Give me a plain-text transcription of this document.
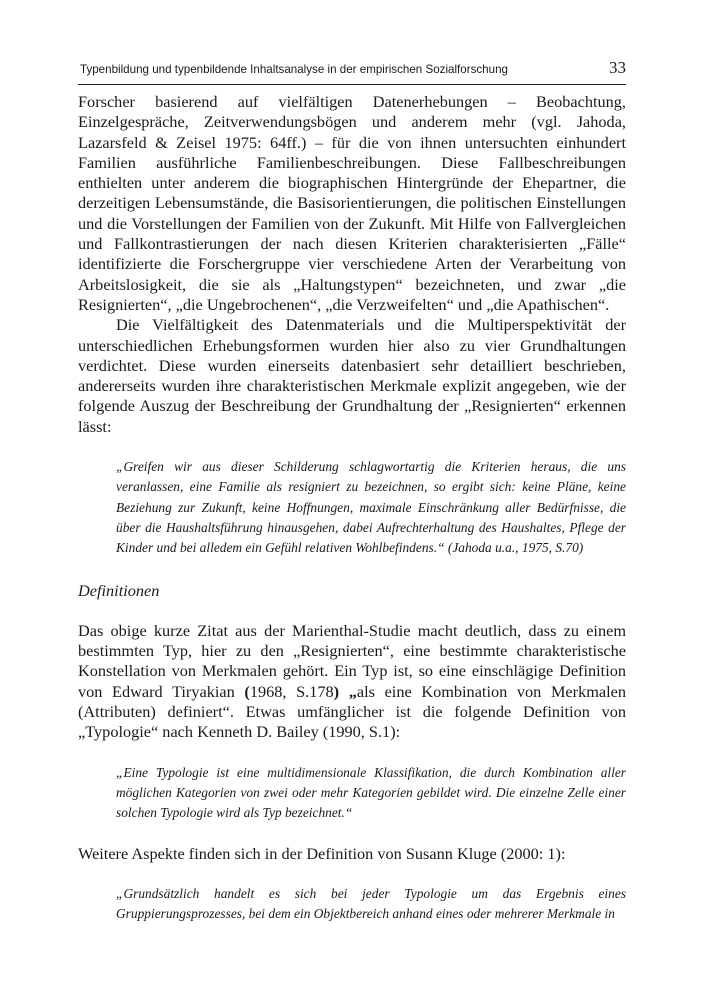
Typenbildung und typenbildende Inhaltsanalyse in der empirischen Sozialforschung	33

Forscher basierend auf vielfältigen Datenerhebungen – Beobachtung, Einzelgespräche, Zeitverwendungsbögen und anderem mehr (vgl. Jahoda, Lazarsfeld & Zeisel 1975: 64ff.) – für die von ihnen untersuchten einhundert Familien ausführliche Familienbeschreibungen. Diese Fallbeschreibungen enthielten unter anderem die biographischen Hintergründe der Ehepartner, die derzeitigen Lebensumstände, die Basisorientierungen, die politischen Einstellungen und die Vorstellungen der Familien von der Zukunft. Mit Hilfe von Fallvergleichen und Fallkontrastierungen der nach diesen Kriterien charakterisierten „Fälle“ identifizierte die Forschergruppe vier verschiedene Arten der Verarbeitung von Arbeitslosigkeit, die sie als „Haltungstypen“ bezeichneten, und zwar „die Resignierten“, „die Ungebrochenen“, „die Verzweifelten“ und „die Apathischen“.

Die Vielfältigkeit des Datenmaterials und die Multiperspektivität der unterschiedlichen Erhebungsformen wurden hier also zu vier Grundhaltungen verdichtet. Diese wurden einerseits datenbasiert sehr detailliert beschrieben, andererseits wurden ihre charakteristischen Merkmale explizit angegeben, wie der folgende Auszug der Beschreibung der Grundhaltung der „Resignierten“ erkennen lässt:

„Greifen wir aus dieser Schilderung schlagwortartig die Kriterien heraus, die uns veranlassen, eine Familie als resigniert zu bezeichnen, so ergibt sich: keine Pläne, keine Beziehung zur Zukunft, keine Hoffnungen, maximale Einschränkung aller Bedürfnisse, die über die Haushaltsführung hinausgehen, dabei Aufrechterhaltung des Haushaltes, Pflege der Kinder und bei alledem ein Gefühl relativen Wohlbefindens.“ (Jahoda u.a., 1975, S.70)

Definitionen

Das obige kurze Zitat aus der Marienthal-Studie macht deutlich, dass zu einem bestimmten Typ, hier zu den „Resignierten“, eine bestimmte charakteristische Konstellation von Merkmalen gehört. Ein Typ ist, so eine einschlägige Definition von Edward Tiryakian (1968, S.178) „als eine Kombination von Merkmalen (Attributen) definiert“. Etwas umfänglicher ist die folgende Definition von „Typologie“ nach Kenneth D. Bailey (1990, S.1):

„Eine Typologie ist eine multidimensionale Klassifikation, die durch Kombination aller möglichen Kategorien von zwei oder mehr Kategorien gebildet wird. Die einzelne Zelle einer solchen Typologie wird als Typ bezeichnet.“

Weitere Aspekte finden sich in der Definition von Susann Kluge (2000: 1):

„Grundsätzlich handelt es sich bei jeder Typologie um das Ergebnis eines Gruppierungsprozesses, bei dem ein Objektbereich anhand eines oder mehrerer Merkmale in
